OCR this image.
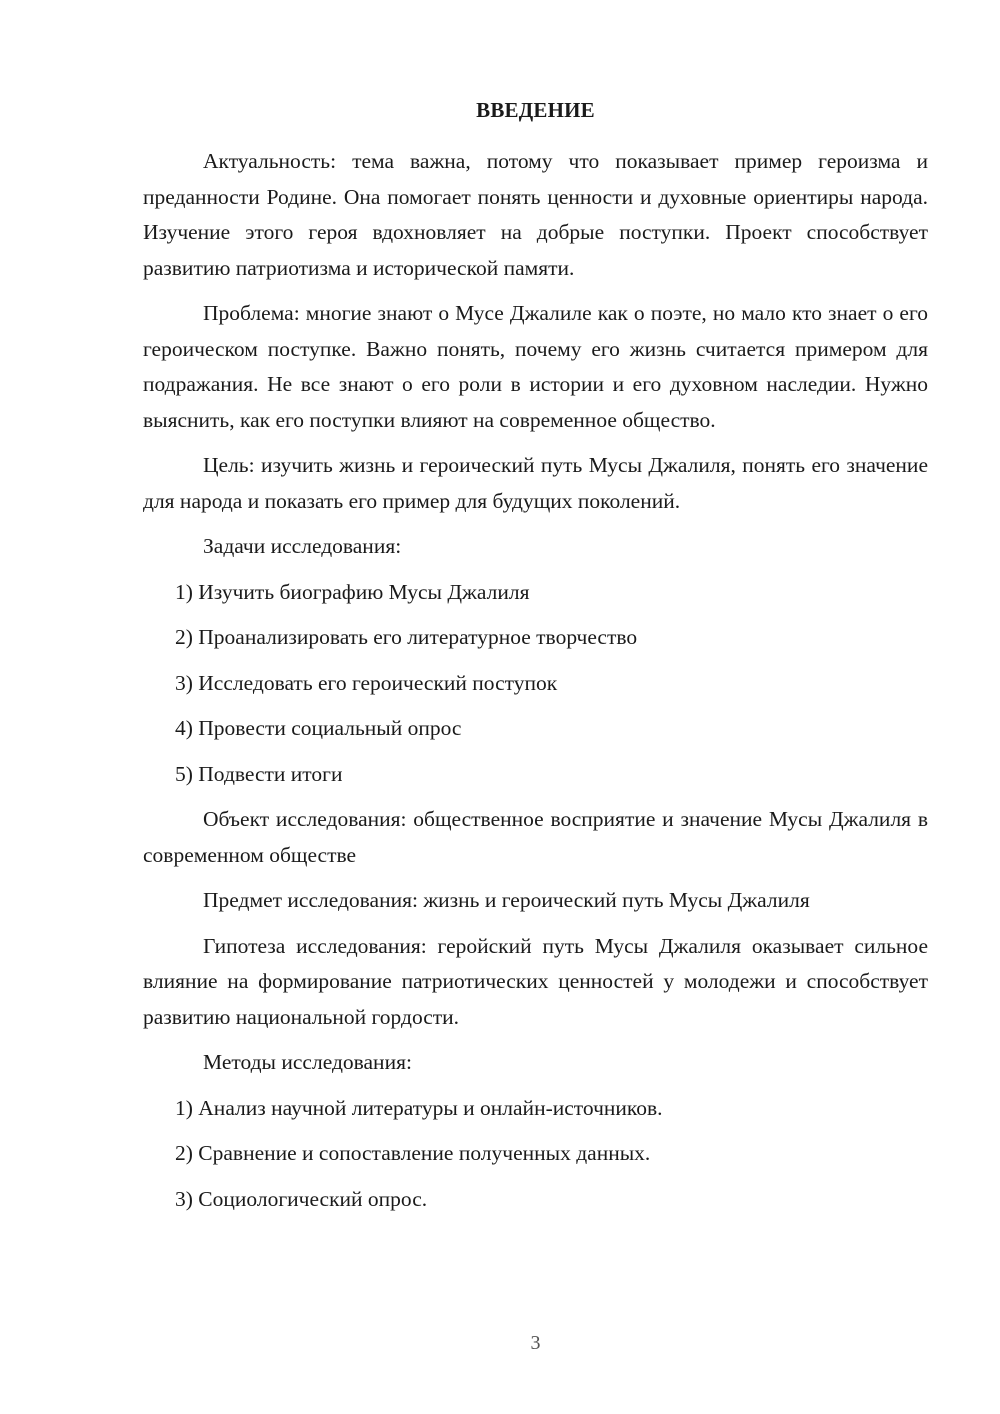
ВВЕДЕНИЕ

Актуальность: тема важна, потому что показывает пример героизма и преданности Родине. Она помогает понять ценности и духовные ориентиры народа. Изучение этого героя вдохновляет на добрые поступки. Проект способствует развитию патриотизма и исторической памяти.

Проблема: многие знают о Мусе Джалиле как о поэте, но мало кто знает о его героическом поступке. Важно понять, почему его жизнь считается примером для подражания. Не все знают о его роли в истории и его духовном наследии. Нужно выяснить, как его поступки влияют на современное общество.

Цель: изучить жизнь и героический путь Мусы Джалиля, понять его значение для народа и показать его пример для будущих поколений.

Задачи исследования:

1) Изучить биографию Мусы Джалиля

2) Проанализировать его литературное творчество

3) Исследовать его героический поступок

4) Провести социальный опрос

5) Подвести итоги

Объект исследования: общественное восприятие и значение Мусы Джалиля в современном обществе

Предмет исследования: жизнь и героический путь Мусы Джалиля

Гипотеза исследования: геройский путь Мусы Джалиля оказывает сильное влияние на формирование патриотических ценностей у молодежи и способствует развитию национальной гордости.

Методы исследования:

1) Анализ научной литературы и онлайн-источников.

2) Сравнение и сопоставление полученных данных.

3) Социологический опрос.

3
